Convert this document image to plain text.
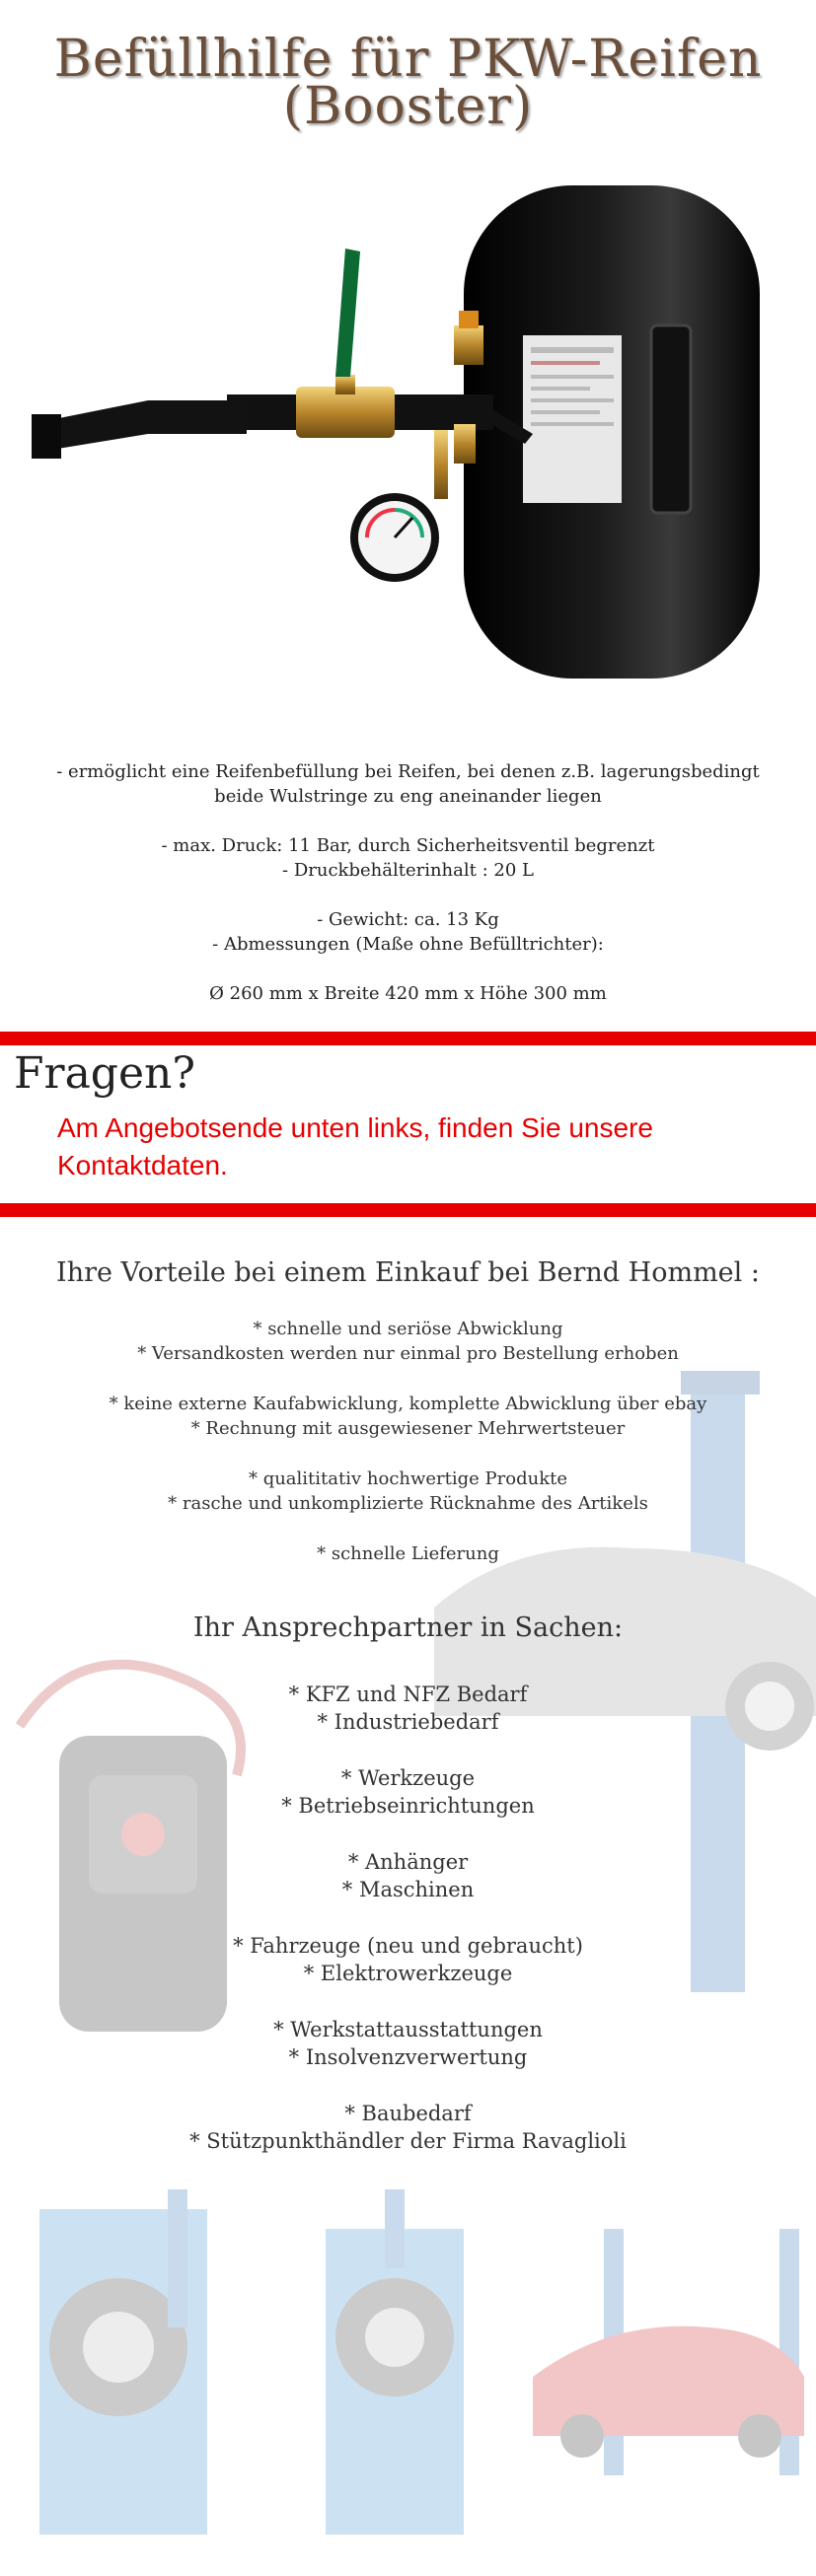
Befüllhilfe für PKW-Reifen
(Booster)
- ermöglicht eine Reifenbefüllung bei Reifen, bei denen z.B. lagerungsbedingt
beide Wulstringe zu eng aneinander liegen
- max. Druck: 11 Bar, durch Sicherheitsventil begrenzt
- Druckbehälterinhalt : 20 L
- Gewicht: ca. 13 Kg
- Abmessungen (Maße ohne Befülltrichter):
Ø 260 mm x Breite 420 mm x Höhe 300 mm
Fragen?
Am Angebotsende unten links, finden Sie unsere
Kontaktdaten.
Ihre Vorteile bei einem Einkauf bei Bernd Hommel :
* schnelle und seriöse Abwicklung
* Versandkosten werden nur einmal pro Bestellung erhoben
* keine externe Kaufabwicklung, komplette Abwicklung über ebay
* Rechnung mit ausgewiesener Mehrwertsteuer
* qualititativ hochwertige Produkte
* rasche und unkomplizierte Rücknahme des Artikels
* schnelle Lieferung
Ihr Ansprechpartner in Sachen:
* KFZ und NFZ Bedarf
* Industriebedarf
* Werkzeuge
* Betriebseinrichtungen
* Anhänger
* Maschinen
* Fahrzeuge (neu und gebraucht)
* Elektrowerkzeuge
* Werkstattausstattungen
* Insolvenzverwertung
* Baubedarf
* Stützpunkthändler der Firma Ravaglioli
